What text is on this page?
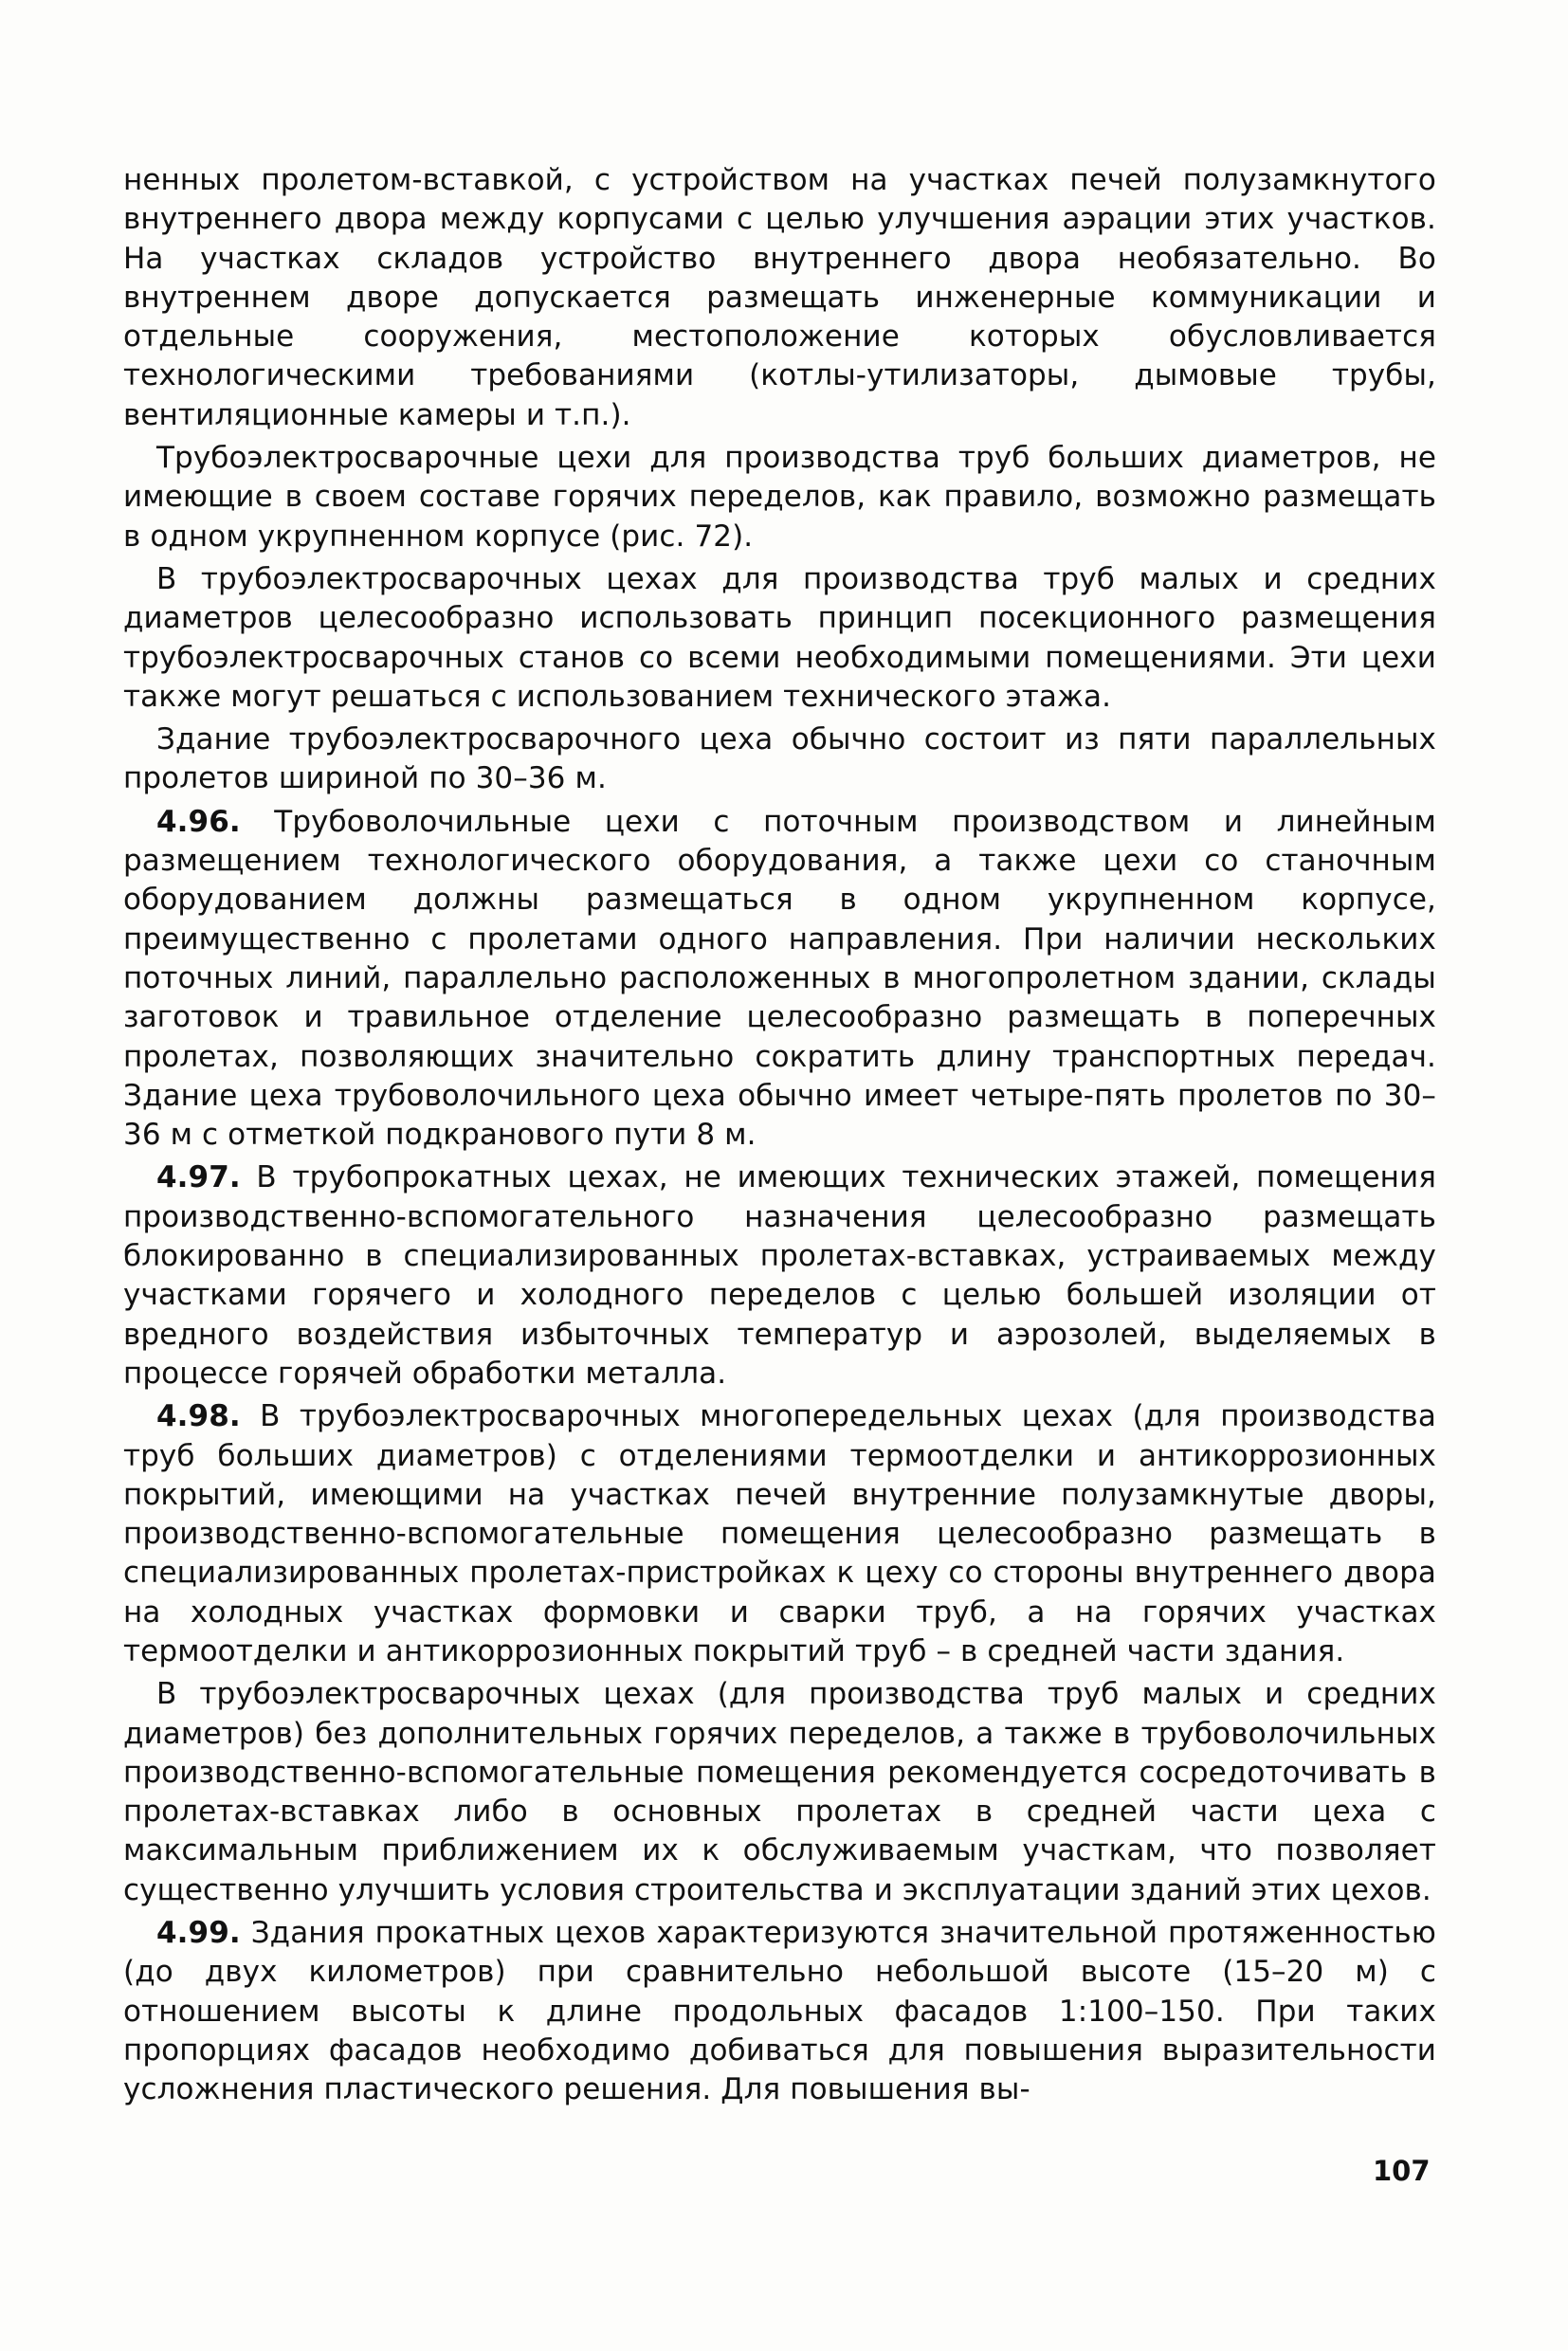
ненных пролетом-вставкой, с устройством на участках печей полузамкнутого внутреннего двора между корпусами с целью улучшения аэрации этих участков. На участках складов устройство внутреннего двора необязательно. Во внутреннем дворе допускается размещать инженерные коммуникации и отдельные сооружения, местоположение которых обусловливается технологическими требованиями (котлы-утилизаторы, дымовые трубы, вентиляционные камеры и т.п.).

Трубоэлектросварочные цехи для производства труб больших диаметров, не имеющие в своем составе горячих переделов, как правило, возможно размещать в одном укрупненном корпусе (рис. 72).

В трубоэлектросварочных цехах для производства труб малых и средних диаметров целесообразно использовать принцип посекционного размещения трубоэлектросварочных станов со всеми необходимыми помещениями. Эти цехи также могут решаться с использованием технического этажа.

Здание трубоэлектросварочного цеха обычно состоит из пяти параллельных пролетов шириной по 30–36 м.

4.96. Трубоволочильные цехи с поточным производством и линейным размещением технологического оборудования, а также цехи со станочным оборудованием должны размещаться в одном укрупненном корпусе, преимущественно с пролетами одного направления. При наличии нескольких поточных линий, параллельно расположенных в многопролетном здании, склады заготовок и травильное отделение целесообразно размещать в поперечных пролетах, позволяющих значительно сократить длину транспортных передач. Здание цеха трубоволочильного цеха обычно имеет четыре-пять пролетов по 30–36 м с отметкой подкранового пути 8 м.

4.97. В трубопрокатных цехах, не имеющих технических этажей, помещения производственно-вспомогательного назначения целесообразно размещать блокированно в специализированных пролетах-вставках, устраиваемых между участками горячего и холодного переделов с целью большей изоляции от вредного воздействия избыточных температур и аэрозолей, выделяемых в процессе горячей обработки металла.

4.98. В трубоэлектросварочных многопередельных цехах (для производства труб больших диаметров) с отделениями термоотделки и антикоррозионных покрытий, имеющими на участках печей внутренние полузамкнутые дворы, производственно-вспомогательные помещения целесообразно размещать в специализированных пролетах-пристройках к цеху со стороны внутреннего двора на холодных участках формовки и сварки труб, а на горячих участках термоотделки и антикоррозионных покрытий труб – в средней части здания.

В трубоэлектросварочных цехах (для производства труб малых и средних диаметров) без дополнительных горячих переделов, а также в трубоволочильных производственно-вспомогательные помещения рекомендуется сосредоточивать в пролетах-вставках либо в основных пролетах в средней части цеха с максимальным приближением их к обслуживаемым участкам, что позволяет существенно улучшить условия строительства и эксплуатации зданий этих цехов.

4.99. Здания прокатных цехов характеризуются значительной протяженностью (до двух километров) при сравнительно небольшой высоте (15–20 м) с отношением высоты к длине продольных фасадов 1:100–150. При таких пропорциях фасадов необходимо добиваться для повышения выразительности усложнения пластического решения. Для повышения вы-

107
